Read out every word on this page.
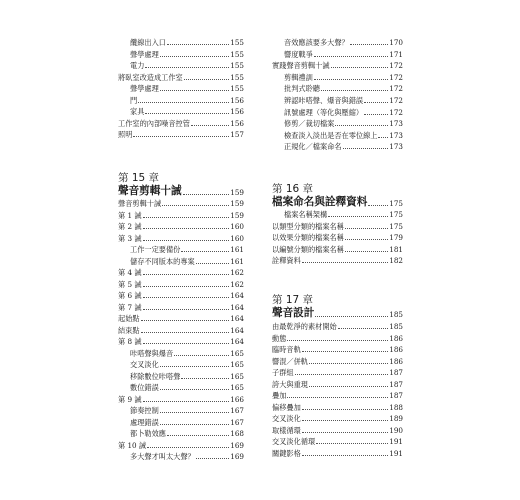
纜線出入口	155
聲學處理	155
電力	155
將臥室改造成工作室	155
聲學處理	155
門	156
家具	156
工作室的內部噪音控管	156
照明	157
第 15 章
聲音剪輯十誡	159
聲音剪輯十誡	159
第 1 誡	159
第 2 誡	160
第 3 誡	160
工作一定要備份	161
儲存不同版本的專案	161
第 4 誡	162
第 5 誡	162
第 6 誡	164
第 7 誡	164
起始點	164
結束點	164
第 8 誡	164
咔嗒聲與爆音	165
交叉淡化	165
移除數位咔嗒聲	165
數位錯誤	165
第 9 誡	166
節奏控制	167
處理錯誤	167
都卜勒效應	168
第 10 誡	169
多大聲才叫太大聲？	169
音效應該要多大聲？	170
響度戰爭	171
實踐聲音剪輯十誡	172
剪輯禮訓	172
批判式聆聽	172
辨認咔嗒聲、爆音與錯誤	172
訊號處理（等化與壓縮）	172
修剪／裁切檔案	173
檢查淡入淡出是否在零位線上 173
正規化／檔案命名	173
第 16 章
檔案命名與詮釋資料	175
檔案名稱架構	175
以類型分類的檔案名稱	175
以效果分類的檔案名稱	179
以編號分類的檔案名稱	181
詮釋資料	182
第 17 章
聲音設計	185
由最乾淨的素材開始	185
動態	186
臨時音軌	186
響混／併軌	186
子群組	187
誇大與重現	187
疊加	187
偏移疊加	188
交叉淡化	189
取樣循環	190
交叉淡化循環	191
關鍵影格	191
